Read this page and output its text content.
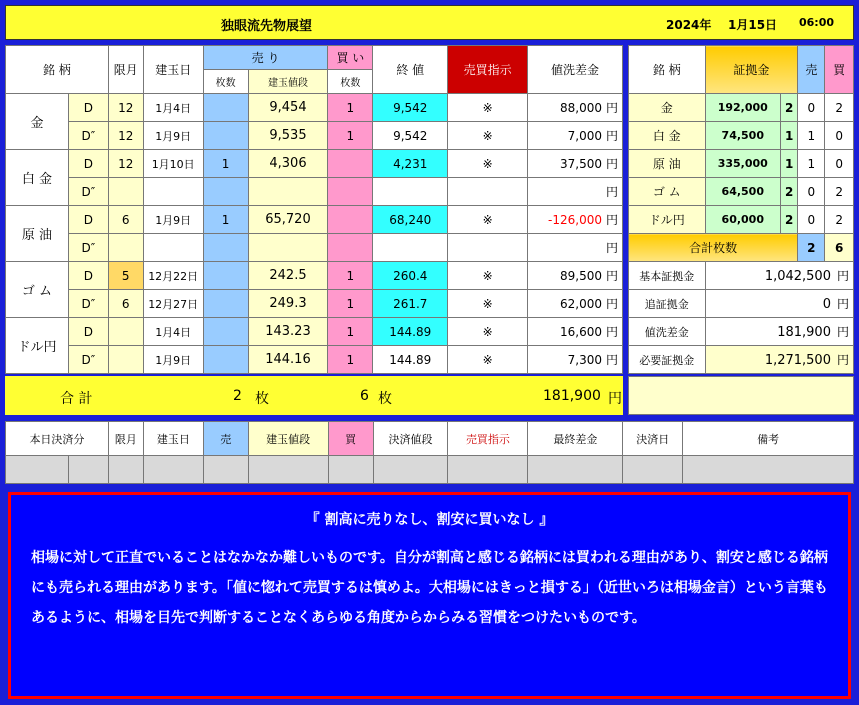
独眼流先物展望	2024年 1月15日 06:00
銘 柄		限月	建玉日	売 り		買 い	終 値	売買指示	値洗差金
				枚数	建玉値段	枚数			
金	D	12	1月4日		9,454	1	9,542	※	88,000 円
	D″	12	1月9日		9,535	1	9,542	※	7,000 円
白 金	D	12	1月10日	1	4,306		4,231	※	37,500 円
	D″								円
原 油	D	6	1月9日	1	65,720		68,240	※	-126,000 円
	D″								円
ゴ ム	D	5	12月22日		242.5	1	260.4	※	89,500 円
	D″	6	12月27日		249.3	1	261.7	※	62,000 円
ドル円	D		1月4日		143.23	1	144.89	※	16,600 円
	D″		1月9日		144.16	1	144.89	※	7,300 円
合 計	2 枚	6 枚	181,900 円
銘 柄	証拠金		売	買
金	192,000	2	0	2
白 金	74,500	1	1	0
原 油	335,000	1	1	0
ゴ ム	64,500	2	0	2
ドル円	60,000	2	0	2
合計枚数			2	6
基本証拠金	1,042,500 円			
追証拠金	0 円			
値洗差金	181,900 円			
必要証拠金	1,271,500 円			
本日決済分		限月	建玉日	売	建玉値段	買	決済値段	売買指示	最終差金	決済日	備考

『 割高に売りなし、割安に買いなし 』
相場に対して正直でいることはなかなか難しいものです。自分が割高と感じる銘柄には買われる理由があり、割安と感じる銘柄にも売られる理由があります。「値に惚れて売買するは慎めよ。大相場にはきっと損する」（近世いろは相場金言）という言葉もあるように、相場を目先で判断することなくあらゆる角度からからみる習慣をつけたいものです。
